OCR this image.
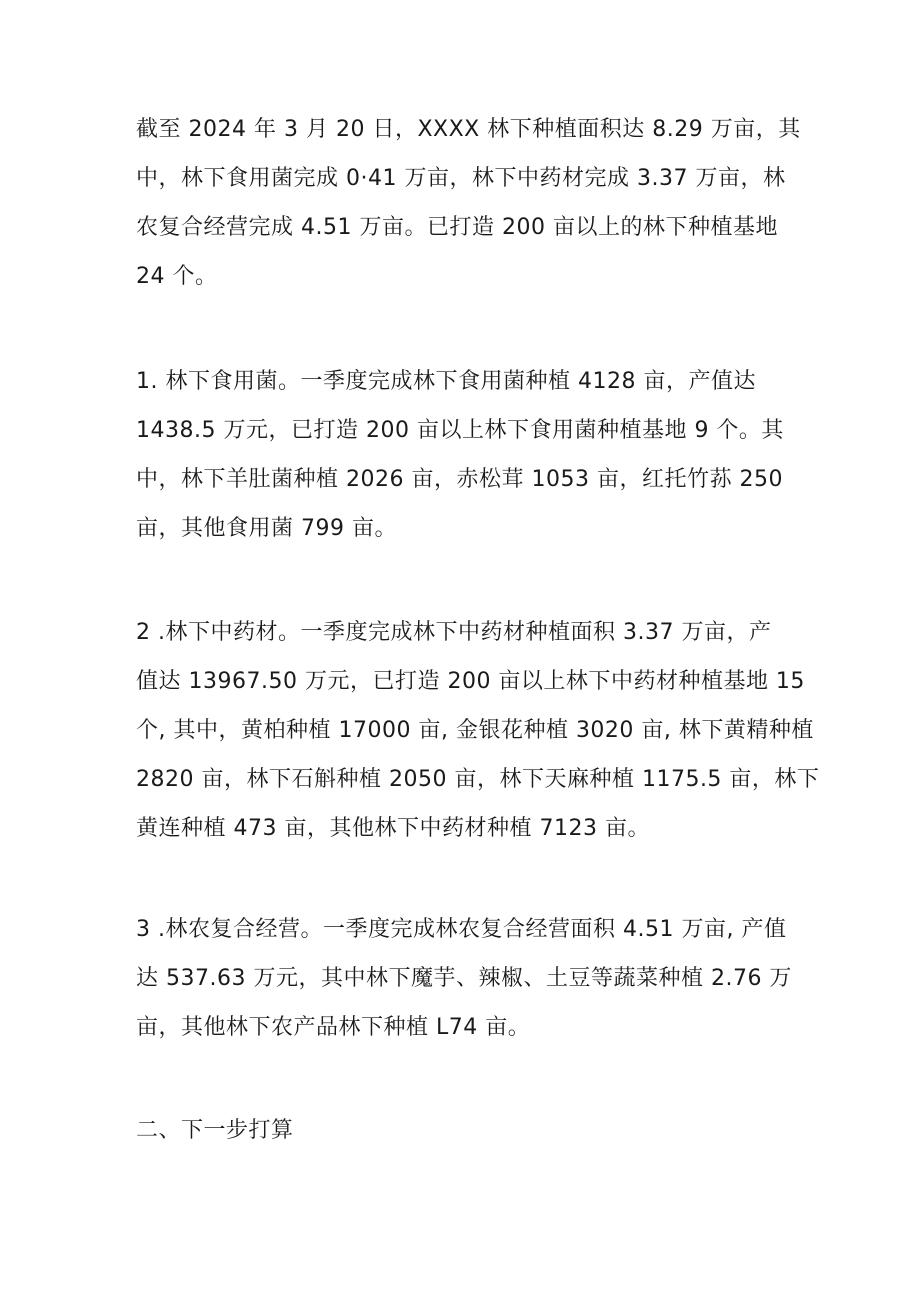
截至 2024 年 3 月 20 日，XXXX 林下种植面积达 8.29 万亩，其
中，林下食用菌完成 0·41 万亩，林下中药材完成 3.37 万亩，林
农复合经营完成 4.51 万亩。已打造 200 亩以上的林下种植基地
24 个。

1. 林下食用菌。一季度完成林下食用菌种植 4128 亩，产值达
1438.5 万元，已打造 200 亩以上林下食用菌种植基地 9 个。其
中，林下羊肚菌种植 2026 亩，赤松茸 1053 亩，红托竹荪 250
亩，其他食用菌 799 亩。

2 .林下中药材。一季度完成林下中药材种植面积 3.37 万亩，产
值达 13967.50 万元，已打造 200 亩以上林下中药材种植基地 15
个, 其中，黄柏种植 17000 亩, 金银花种植 3020 亩, 林下黄精种植
2820 亩，林下石斛种植 2050 亩，林下天麻种植 1175.5 亩，林下
黄连种植 473 亩，其他林下中药材种植 7123 亩。

3 .林农复合经营。一季度完成林农复合经营面积 4.51 万亩, 产值
达 537.63 万元，其中林下魔芋、辣椒、土豆等蔬菜种植 2.76 万
亩，其他林下农产品林下种植 L74 亩。

二、下一步打算
